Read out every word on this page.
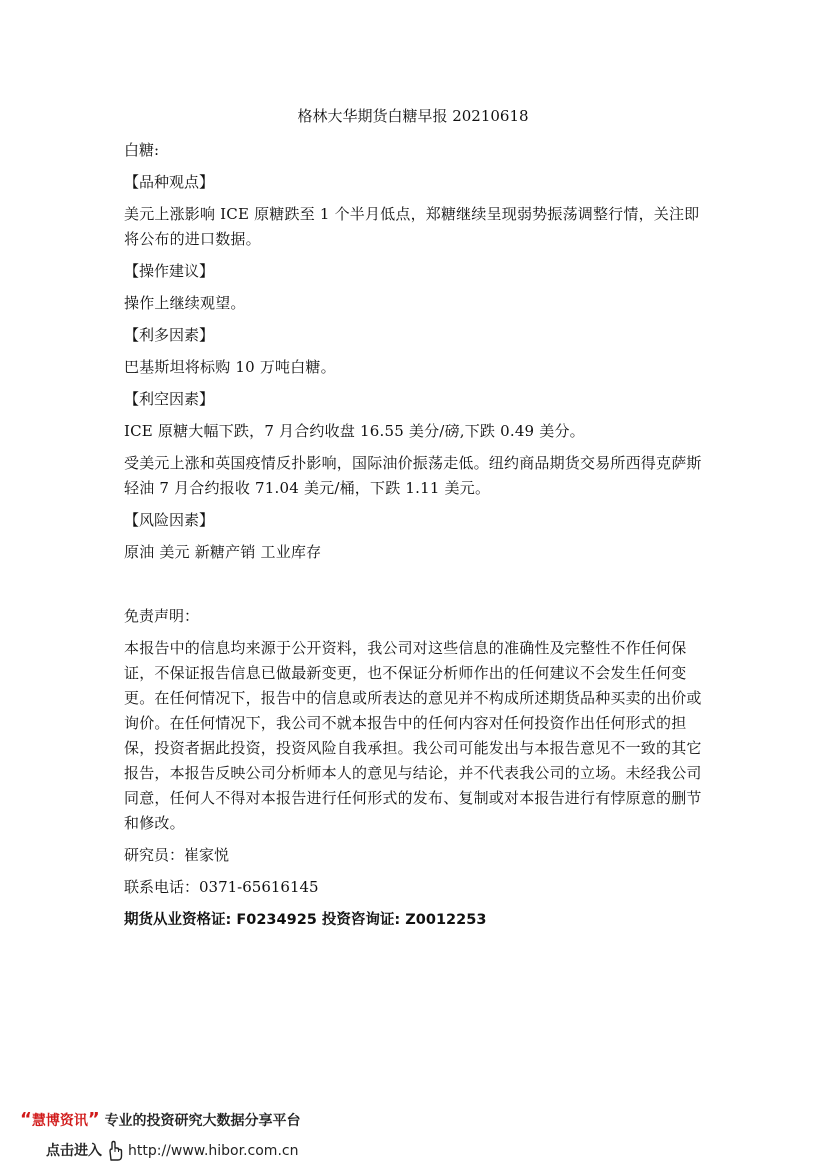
格林大华期货白糖早报 20210618
白糖:
【品种观点】
美元上涨影响 ICE 原糖跌至 1 个半月低点，郑糖继续呈现弱势振荡调整行情，关注即将公布的进口数据。
【操作建议】
操作上继续观望。
【利多因素】
巴基斯坦将标购 10 万吨白糖。
【利空因素】
ICE 原糖大幅下跌，7 月合约收盘 16.55 美分/磅,下跌 0.49 美分。
受美元上涨和英国疫情反扑影响，国际油价振荡走低。纽约商品期货交易所西得克萨斯轻油 7 月合约报收 71.04 美元/桶，下跌 1.11 美元。
【风险因素】
原油 美元 新糖产销 工业库存
免责声明：
本报告中的信息均来源于公开资料，我公司对这些信息的准确性及完整性不作任何保证，不保证报告信息已做最新变更，也不保证分析师作出的任何建议不会发生任何变更。在任何情况下，报告中的信息或所表达的意见并不构成所述期货品种买卖的出价或询价。在任何情况下，我公司不就本报告中的任何内容对任何投资作出任何形式的担保，投资者据此投资，投资风险自我承担。我公司可能发出与本报告意见不一致的其它报告，本报告反映公司分析师本人的意见与结论，并不代表我公司的立场。未经我公司同意，任何人不得对本报告进行任何形式的发布、复制或对本报告进行有悖原意的删节和修改。
研究员：崔家悦
联系电话：0371-65616145
期货从业资格证: F0234925 投资咨询证: Z0012253
“慧博资讯” 专业的投资研究大数据分享平台
点击进入 http://www.hibor.com.cn
